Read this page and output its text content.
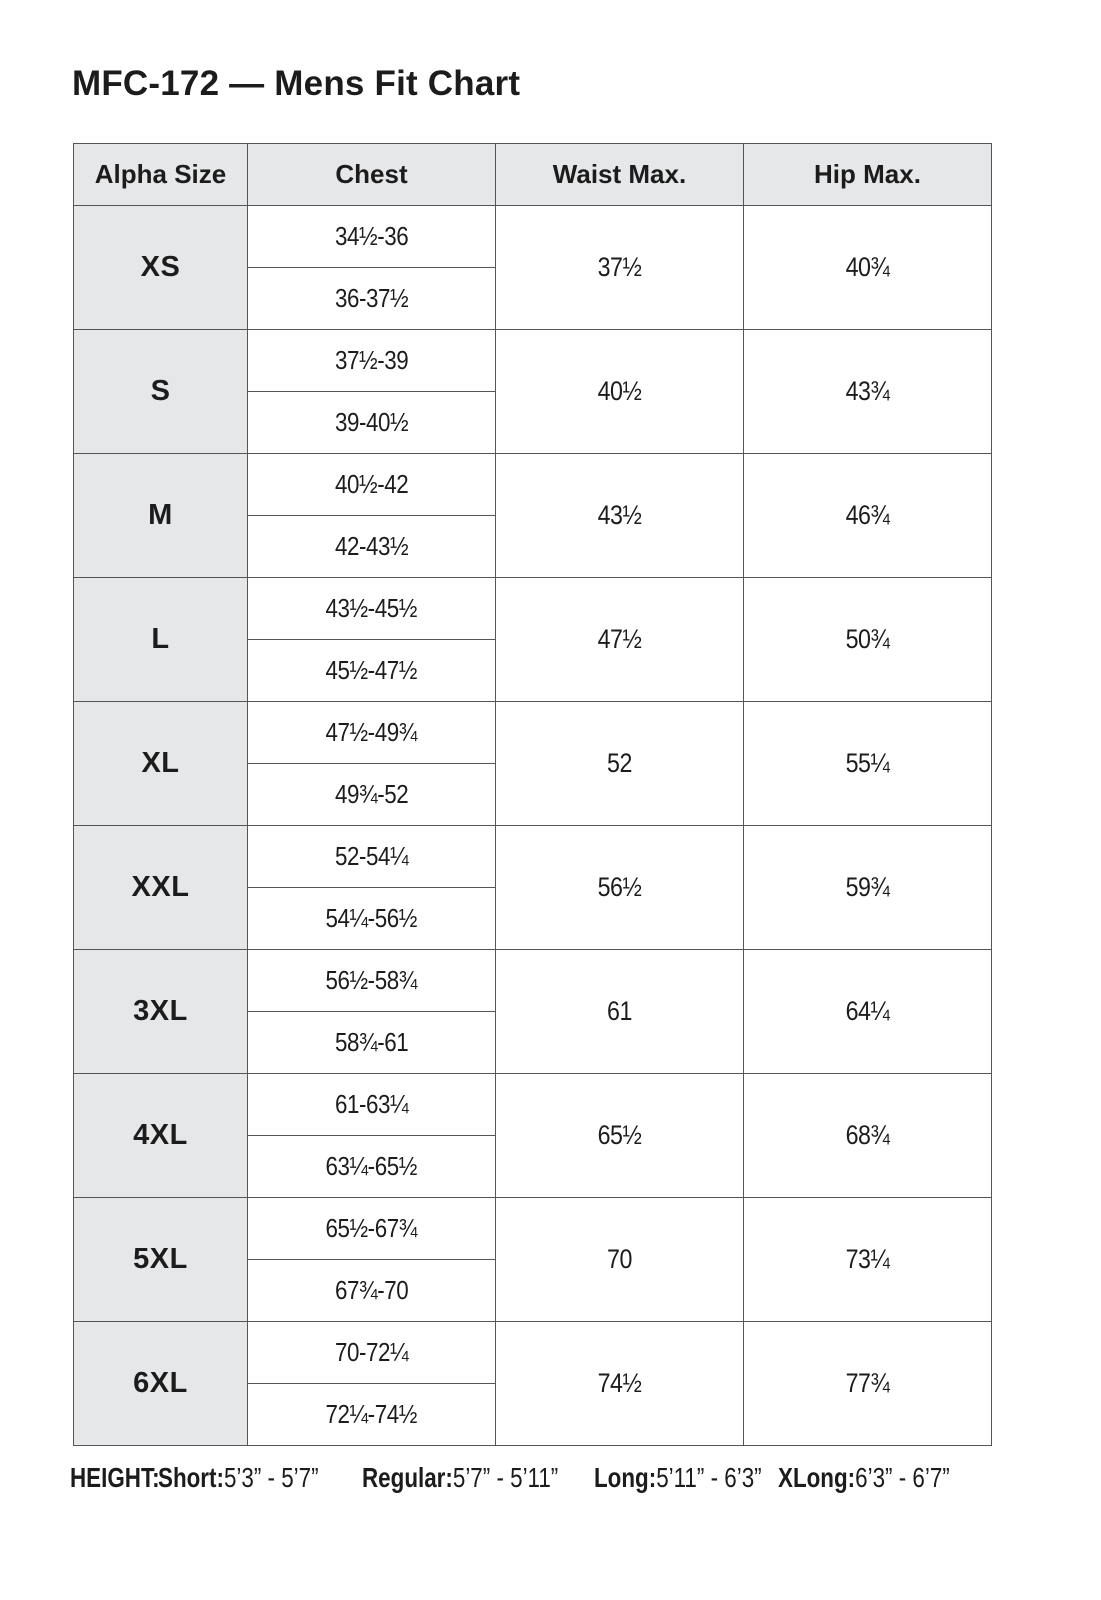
MFC-172 — Mens Fit Chart
Alpha Size	Chest	Waist Max.	Hip Max.
XS	34½-36	37½	40¾
	36-37½		
S	37½-39	40½	43¾
	39-40½		
M	40½-42	43½	46¾
	42-43½		
L	43½-45½	47½	50¾
	45½-47½		
XL	47½-49¾	52	55¼
	49¾-52		
XXL	52-54¼	56½	59¾
	54¼-56½		
3XL	56½-58¾	61	64¼
	58¾-61		
4XL	61-63¼	65½	68¾
	63¼-65½		
5XL	65½-67¾	70	73¼
	67¾-70		
6XL	70-72¼	74½	77¾
	72¼-74½		
HEIGHT:
Short:5’3” - 5’7” Regular:5’7” - 5’11” Long:5’11” - 6’3” XLong:6’3” - 6’7”
